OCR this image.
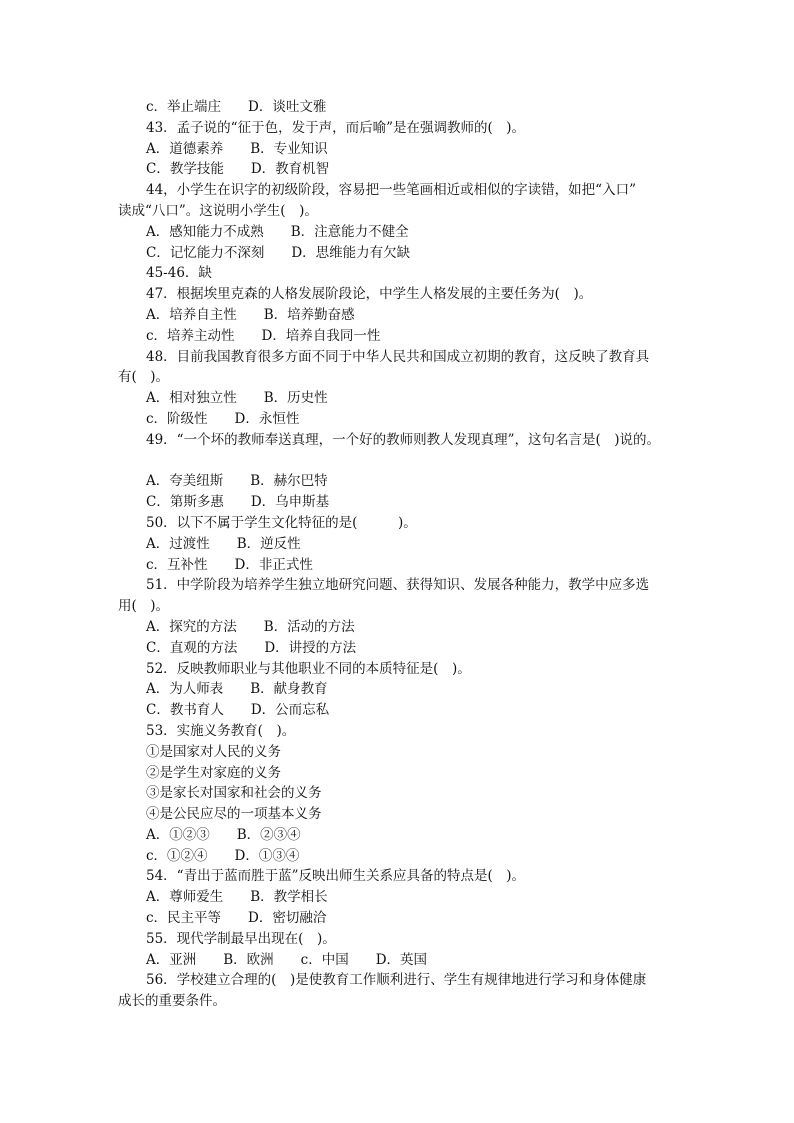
c．举止端庄　　D．谈吐文雅
43．孟子说的“征于色，发于声，而后喻”是在强调教师的(　)。
A．道德素养　　B．专业知识
C．教学技能　　D．教育机智
44，小学生在识字的初级阶段，容易把一些笔画相近或相似的字读错，如把“入口”
读成“八口”。这说明小学生(　)。
A．感知能力不成熟　　B．注意能力不健全
C．记忆能力不深刻　　D．思维能力有欠缺
45-46．缺
47．根据埃里克森的人格发展阶段论，中学生人格发展的主要任务为(　)。
A．培养自主性　　B．培养勤奋感
c．培养主动性　　D．培养自我同一性
48．目前我国教育很多方面不同于中华人民共和国成立初期的教育，这反映了教育具
有(　)。
A．相对独立性　　B．历史性
c．阶级性　　D．永恒性
49．“一个坏的教师奉送真理，一个好的教师则教人发现真理”，这句名言是(　)说的。
A．夸美纽斯　　B．赫尔巴特
C．第斯多惠　　D．乌申斯基
50．以下不属于学生文化特征的是(　　　)。
A．过渡性　　B．逆反性
c．互补性　　D．非正式性
51．中学阶段为培养学生独立地研究问题、获得知识、发展各种能力，教学中应多选
用(　)。
A．探究的方法　　B．活动的方法
C．直观的方法　　D．讲授的方法
52．反映教师职业与其他职业不同的本质特征是(　)。
A．为人师表　　B．献身教育
C．教书育人　　D．公而忘私
53．实施义务教育(　)。
①是国家对人民的义务
②是学生对家庭的义务
③是家长对国家和社会的义务
④是公民应尽的一项基本义务
A．①②③　　B．②③④
c．①②④　　D．①③④
54．“青出于蓝而胜于蓝”反映出师生关系应具备的特点是(　)。
A．尊师爱生　　B．教学相长
c．民主平等　　D．密切融洽
55．现代学制最早出现在(　)。
A．亚洲　　B．欧洲　　c．中国　　D．英国
56．学校建立合理的(　)是使教育工作顺利进行、学生有规律地进行学习和身体健康
成长的重要条件。
